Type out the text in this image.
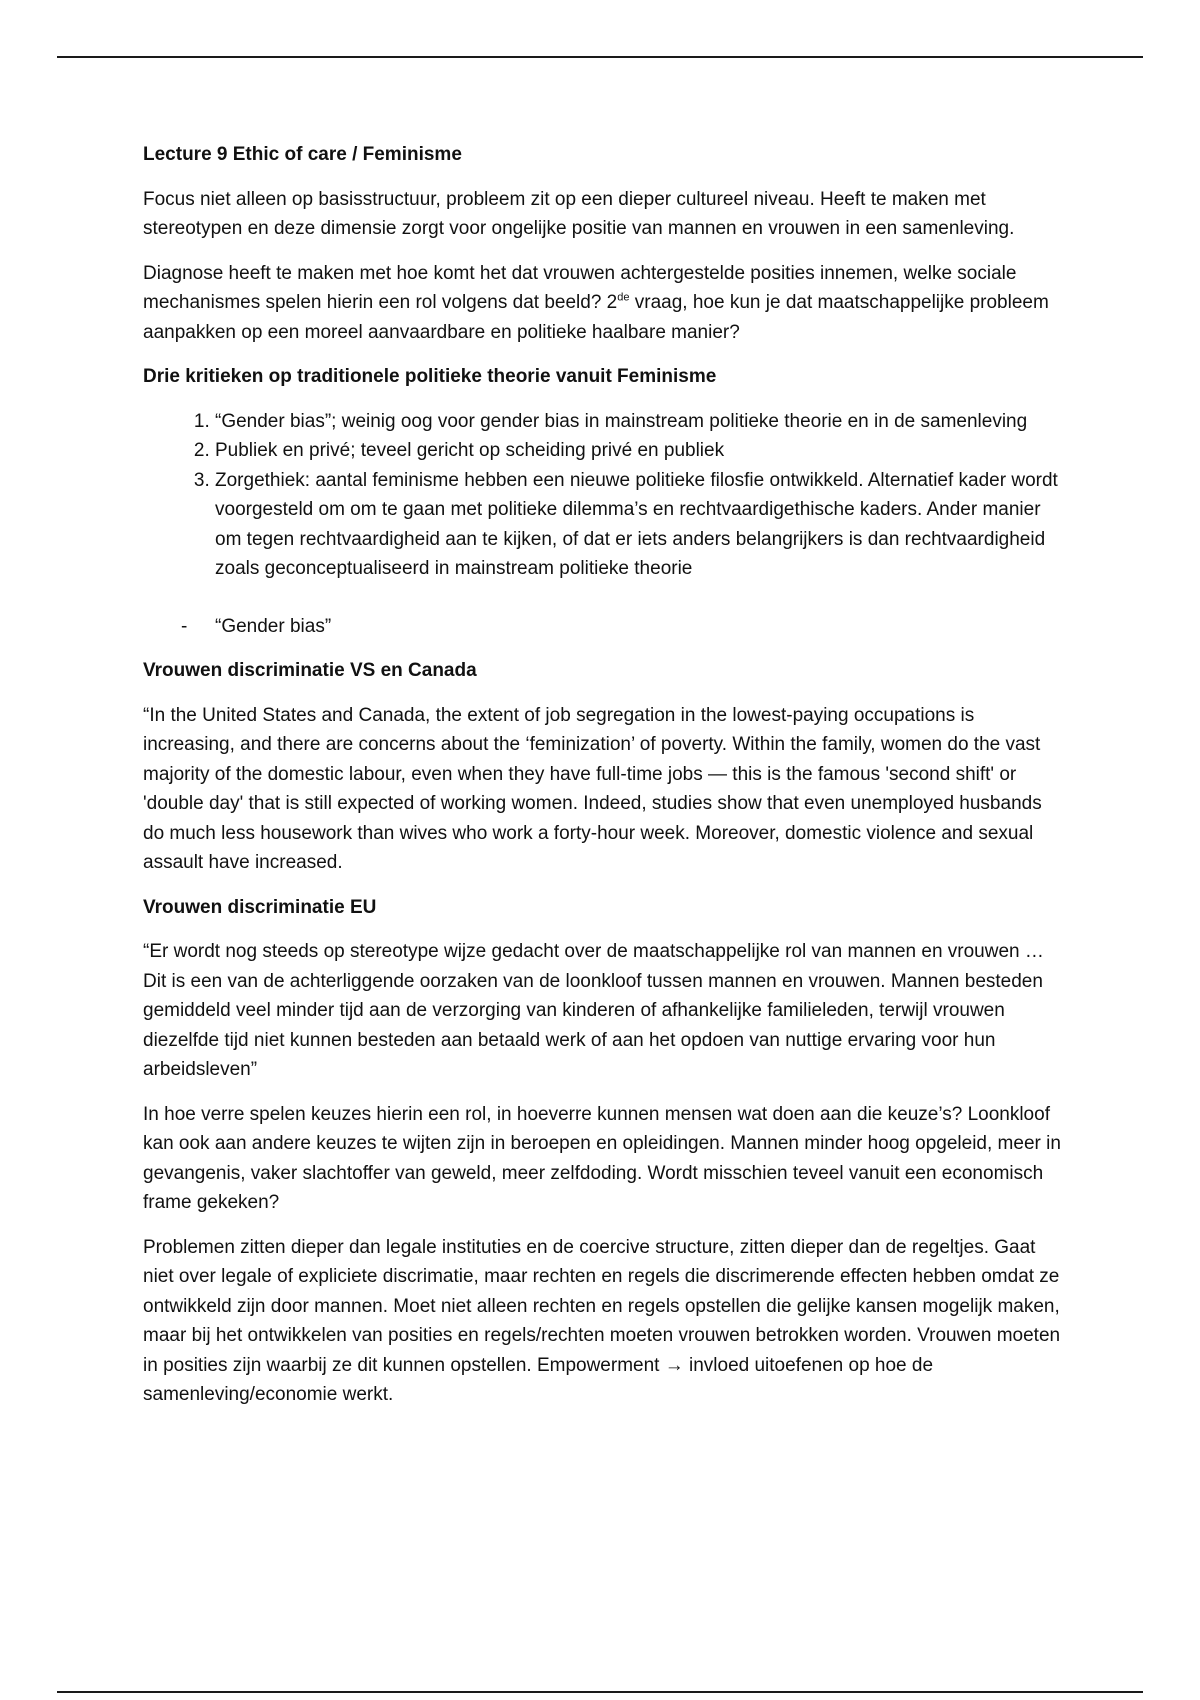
Lecture 9 Ethic of care / Feminisme

Focus niet alleen op basisstructuur, probleem zit op een dieper cultureel niveau. Heeft te maken met stereotypen en deze dimensie zorgt voor ongelijke positie van mannen en vrouwen in een samenleving.

Diagnose heeft te maken met hoe komt het dat vrouwen achtergestelde posities innemen, welke sociale mechanismes spelen hierin een rol volgens dat beeld? 2de vraag, hoe kun je dat maatschappelijke probleem aanpakken op een moreel aanvaardbare en politieke haalbare manier?

Drie kritieken op traditionele politieke theorie vanuit Feminisme

1. “Gender bias”; weinig oog voor gender bias in mainstream politieke theorie en in de samenleving
2. Publiek en privé; teveel gericht op scheiding privé en publiek
3. Zorgethiek: aantal feminisme hebben een nieuwe politieke filosfie ontwikkeld. Alternatief kader wordt voorgesteld om om te gaan met politieke dilemma’s en rechtvaardigethische kaders. Ander manier om tegen rechtvaardigheid aan te kijken, of dat er iets anders belangrijkers is dan rechtvaardigheid zoals geconceptualiseerd in mainstream politieke theorie
- “Gender bias”

Vrouwen discriminatie VS en Canada

“In the United States and Canada, the extent of job segregation in the lowest-paying occupations is increasing, and there are concerns about the ‘feminization’ of poverty. Within the family, women do the vast majority of the domestic labour, even when they have full-time jobs — this is the famous 'second shift' or 'double day' that is still expected of working women. Indeed, studies show that even unemployed husbands do much less housework than wives who work a forty-hour week. Moreover, domestic violence and sexual assault have increased.

Vrouwen discriminatie EU

“Er wordt nog steeds op stereotype wijze gedacht over de maatschappelijke rol van mannen en vrouwen … Dit is een van de achterliggende oorzaken van de loonkloof tussen mannen en vrouwen. Mannen besteden gemiddeld veel minder tijd aan de verzorging van kinderen of afhankelijke familieleden, terwijl vrouwen diezelfde tijd niet kunnen besteden aan betaald werk of aan het opdoen van nuttige ervaring voor hun arbeidsleven”

In hoe verre spelen keuzes hierin een rol, in hoeverre kunnen mensen wat doen aan die keuze’s? Loonkloof kan ook aan andere keuzes te wijten zijn in beroepen en opleidingen. Mannen minder hoog opgeleid, meer in gevangenis, vaker slachtoffer van geweld, meer zelfdoding. Wordt misschien teveel vanuit een economisch frame gekeken?

Problemen zitten dieper dan legale instituties en de coercive structure, zitten dieper dan de regeltjes. Gaat niet over legale of expliciete discrimatie, maar rechten en regels die discrimerende effecten hebben omdat ze ontwikkeld zijn door mannen. Moet niet alleen rechten en regels opstellen die gelijke kansen mogelijk maken, maar bij het ontwikkelen van posities en regels/rechten moeten vrouwen betrokken worden. Vrouwen moeten in posities zijn waarbij ze dit kunnen opstellen. Empowerment → invloed uitoefenen op hoe de samenleving/economie werkt.
